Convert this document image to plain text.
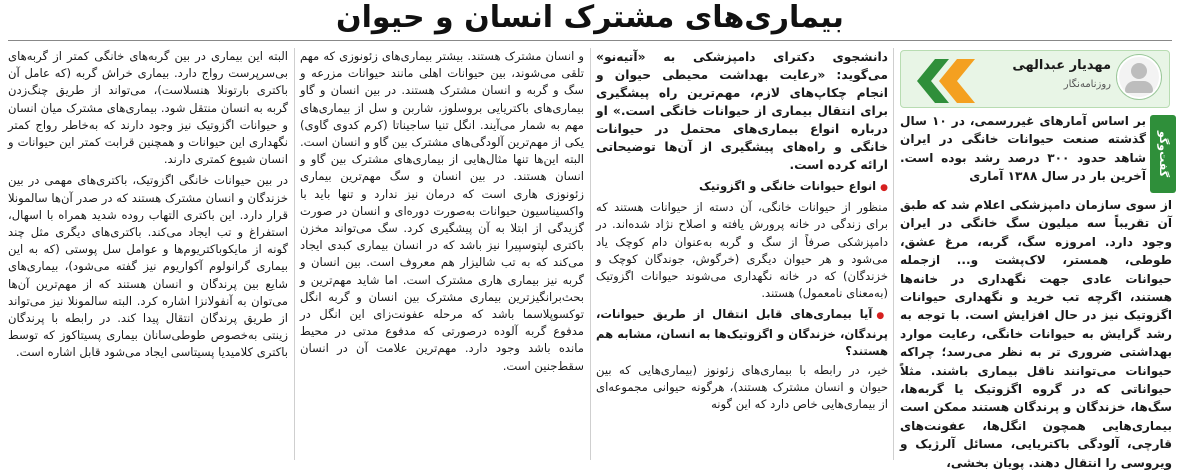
بیماری‌های مشترک انسان و حیوان
مهدیار عبدالهی
روزنامه‌نگار
گفت‌وگو

بر اساس آمارهای غیررسمی، در ۱۰ سال گذشته صنعت حیوانات خانگی در ایران شاهد حدود ۳۰۰ درصد رشد بوده است. آخرین بار در سال ۱۳۸۸ آماری

از سوی سازمان دامپزشکی اعلام شد که طبق آن تقریباً سه میلیون سگ خانگی در ایران وجود دارد. امروزه سگ، گربه، مرغ عشق، طوطی، همستر، لاک‌پشت و... ازجمله حیوانات عادی جهت نگهداری در خانه‌ها هستند، اگرچه تب خرید و نگهداری حیوانات اگزوتیک نیز در حال افزایش است. با توجه به رشد گرایش به حیوانات خانگی، رعایت موارد بهداشتی ضروری تر به نظر می‌رسد؛ چراکه حیوانات می‌توانند ناقل بیماری باشند. مثلاً حیواناتی که در گروه اگزوتیک یا گربه‌ها، سگ‌ها، خزندگان و پرندگان هستند ممکن است بیماری‌هایی همچون انگل‌ها، عفونت‌های قارچی، آلودگی باکتریایی، مسائل آلرژیک و ویروسی را انتقال دهند. پویان بخشی،

دانشجوی دکترای دامپزشکی به «آتیه‌نو» می‌گوید: «رعایت بهداشت محیطی حیوان و انجام چکاپ‌های لازم، مهم‌ترین راه پیشگیری برای انتقال بیماری از حیوانات خانگی است.» او درباره انواع بیماری‌های محتمل در حیوانات خانگی و راه‌های پیشگیری از آن‌ها توضیحاتی ارائه کرده است.

● انواع حیوانات خانگی و اگزوتیک

منظور از حیوانات خانگی، آن دسته از حیوانات هستند که برای زندگی در خانه پرورش یافته و اصلاح نژاد شده‌اند. در دامپزشکی صرفاً از سگ و گربه به‌عنوان دام کوچک یاد می‌شود و هر حیوان دیگری (خرگوش، جوندگان کوچک و خزندگان) که در خانه نگهداری می‌شوند حیوانات اگزوتیک (به‌معنای نامعمول) هستند.

● آیا بیماری‌های قابل انتقال از طریق حیوانات، پرندگان، خزندگان و اگزوتیک‌ها به انسان، مشابه هم هستند؟

خیر، در رابطه با بیماری‌های زئونوز (بیماری‌هایی که بین حیوان و انسان مشترک هستند)، هرگونه حیوانی مجموعه‌ای از بیماری‌هایی خاص دارد که این گونه

و انسان مشترک هستند. بیشتر بیماری‌های زئونوزی که مهم تلقی می‌شوند، بین حیوانات اهلی مانند حیوانات مزرعه و سگ و گربه و انسان مشترک هستند. در بین انسان و گاو بیماری‌های باکتریایی بروسلوز، شاربن و سل از بیماری‌های مهم به شمار می‌آیند. انگل تنیا ساجیناتا (کرم کدوی گاوی) یکی از مهم‌ترین آلودگی‌های مشترک بین گاو و انسان است. البته این‌ها تنها مثال‌هایی از بیماری‌های مشترک بین گاو و انسان هستند. در بین انسان و سگ مهم‌ترین بیماری زئونوزی هاری است که درمان نیز ندارد و تنها باید با واکسیناسیون حیوانات به‌صورت دوره‌ای و انسان در صورت گزیدگی از ابتلا به آن پیشگیری کرد. سگ می‌تواند مخزن باکتری لپتوسپیرا نیز باشد که در انسان بیماری کبدی ایجاد می‌کند که به تب شالیزار هم معروف است. بین انسان و گربه نیز بیماری هاری مشترک است. اما شاید مهم‌ترین و بحث‌برانگیزترین بیماری مشترک بین انسان و گربه انگل توکسوپلاسما باشد که مرحله عفونت‌زای این انگل در مدفوع گربه آلوده درصورتی که مدفوع مدتی در محیط مانده باشد وجود دارد. مهم‌ترین علامت آن در انسان سقط‌جنین است.

البته این بیماری در بین گربه‌های خانگی کمتر از گربه‌های بی‌سرپرست رواج دارد. بیماری خراش گربه (که عامل آن باکتری بارتونلا هنسلاست)، می‌تواند از طریق چنگ‌زدن گربه به انسان منتقل شود. بیماری‌های مشترک میان انسان و حیوانات اگزوتیک نیز وجود دارند که به‌خاطر رواج کمتر نگهداری این حیوانات و همچنین قرابت کمتر این حیوانات و انسان شیوع کمتری دارند.

در بین حیوانات خانگی اگزوتیک، باکتری‌های مهمی در بین خزندگان و انسان مشترک هستند که در صدر آن‌ها سالمونلا قرار دارد. این باکتری التهاب روده شدید همراه با اسهال، استفراغ و تب ایجاد می‌کند. باکتری‌های دیگری مثل چند گونه از مایکوباکتریوم‌ها و عوامل سل پوستی (که به این بیماری گرانولوم آکواریوم نیز گفته می‌شود)، بیماری‌های شایع بین پرندگان و انسان هستند که از مهم‌ترین آن‌ها می‌توان به آنفولانزا اشاره کرد. البته سالمونلا نیز می‌تواند از طریق پرندگان انتقال پیدا کند. در رابطه با پرندگان زینتی به‌خصوص طوطی‌سانان بیماری پسیتاکوز که توسط باکتری کلامیدیا پسیتاسی ایجاد می‌شود قابل اشاره است.
